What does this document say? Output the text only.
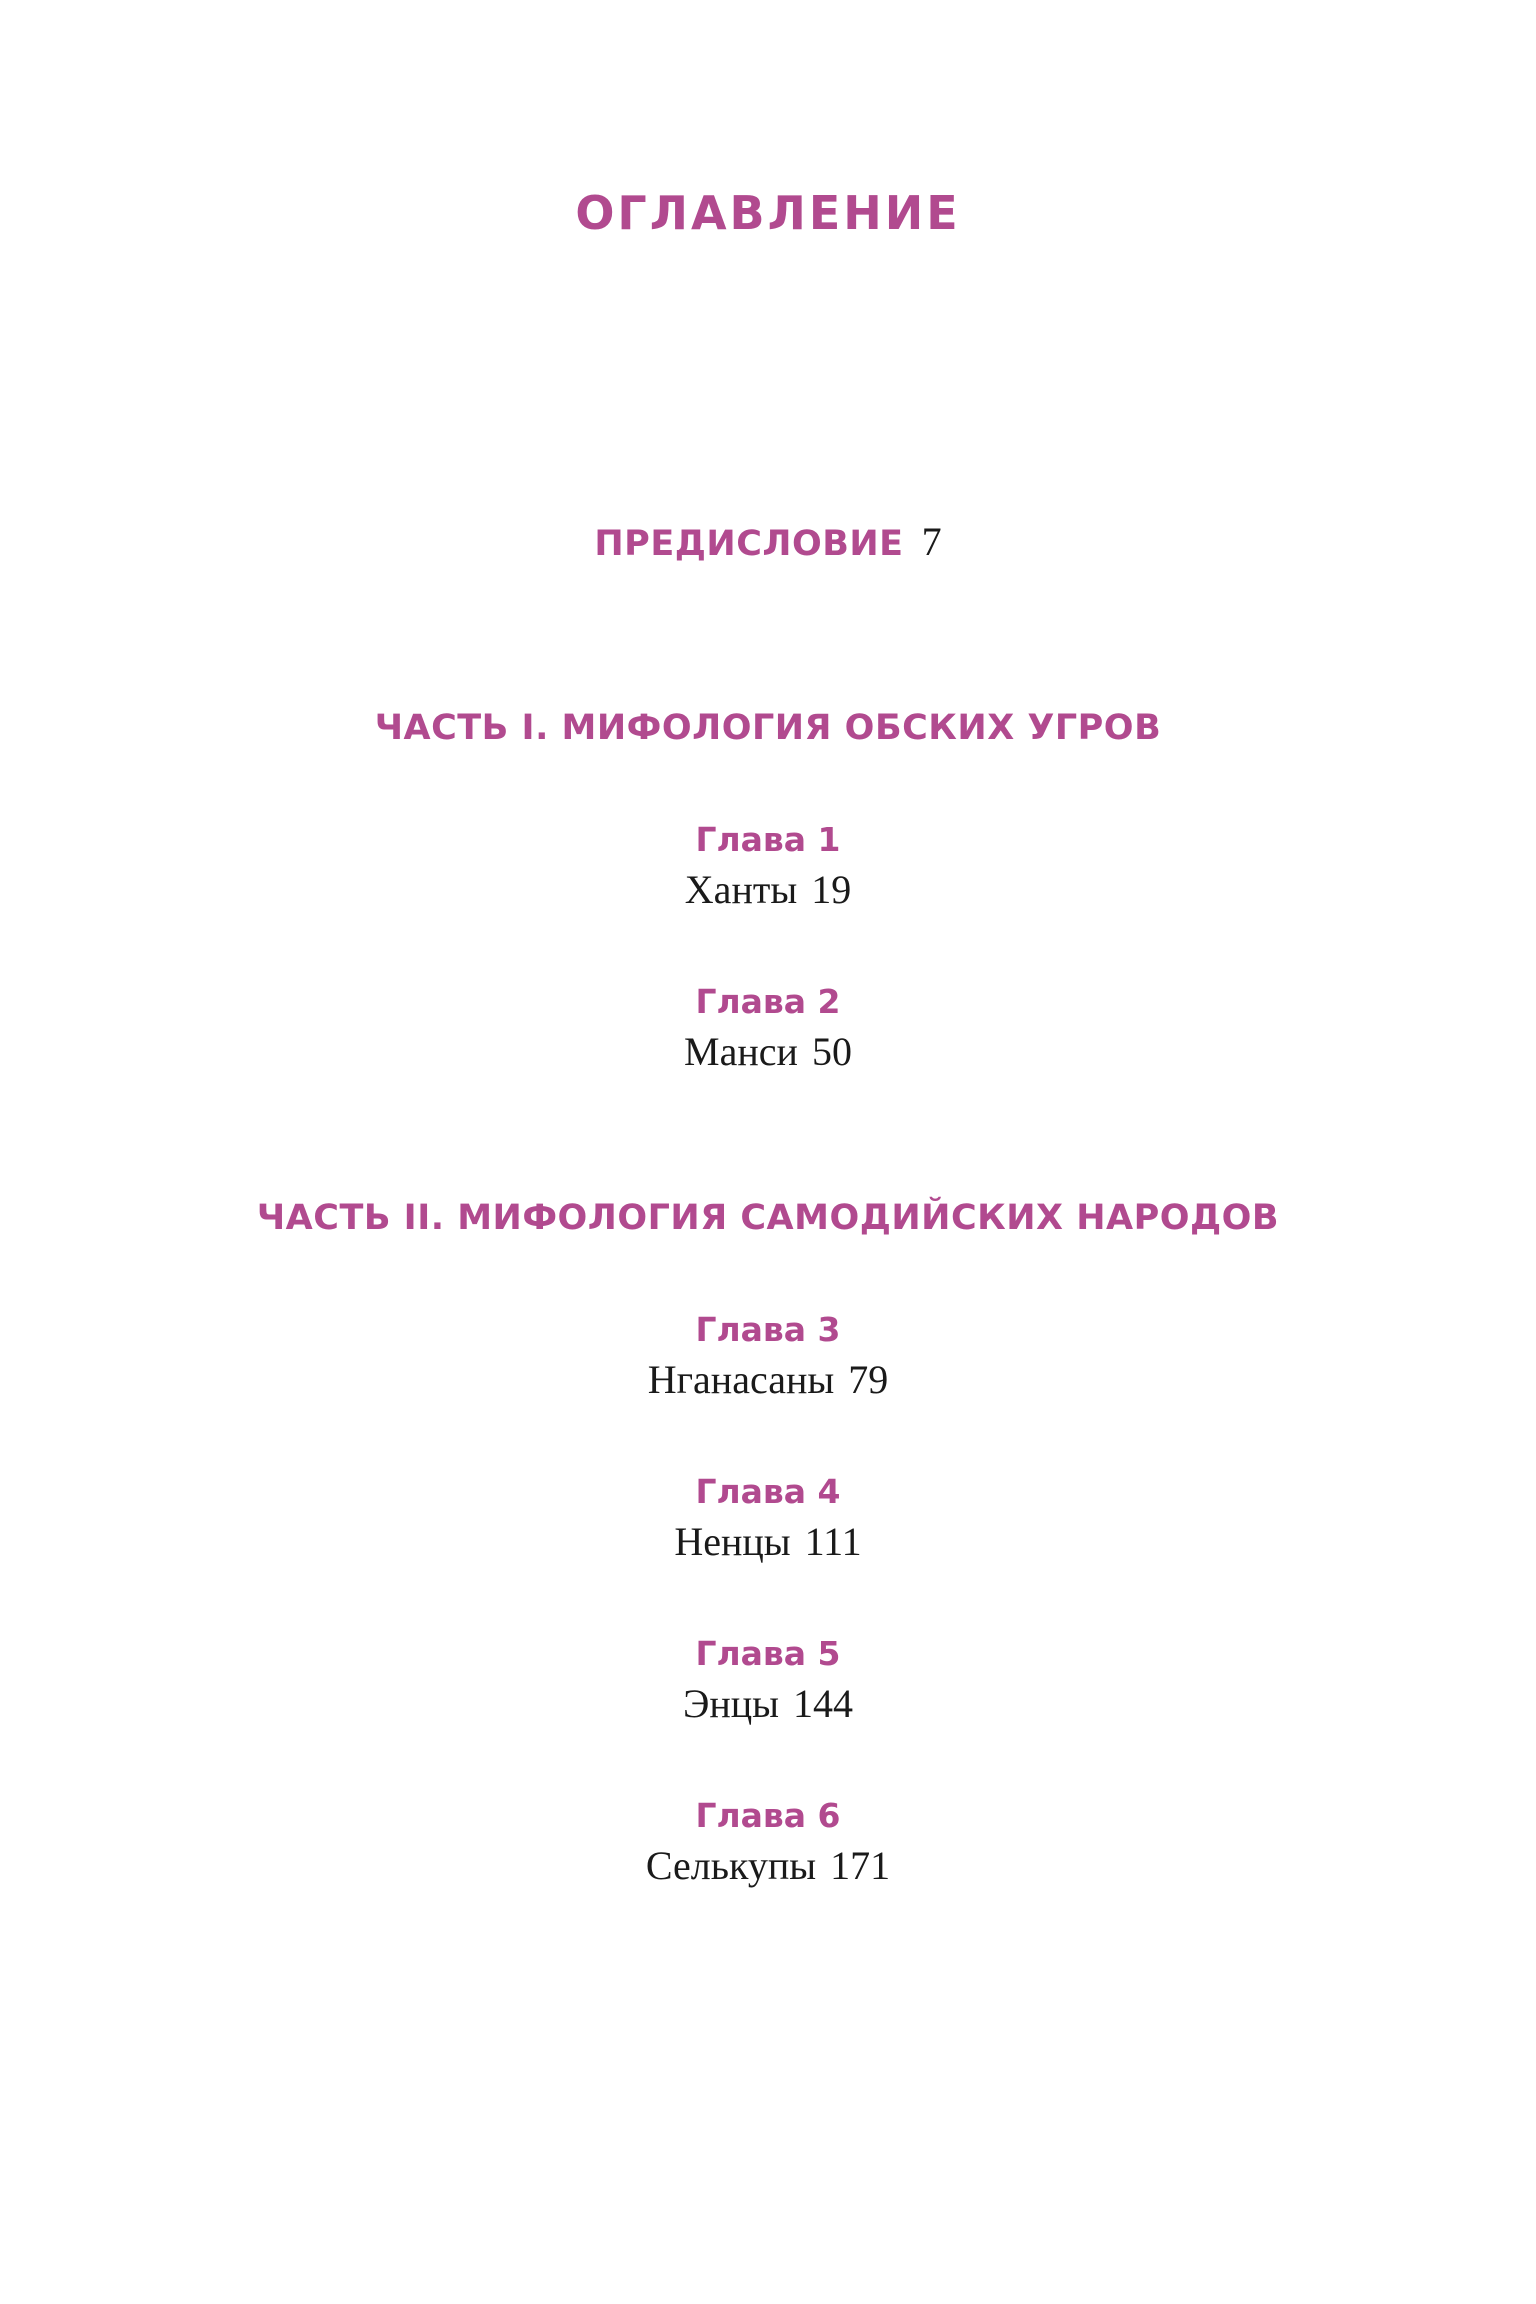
ОГЛАВЛЕНИЕ
ПРЕДИСЛОВИЕ 7
ЧАСТЬ I. МИФОЛОГИЯ ОБСКИХ УГРОВ
Глава 1
Ханты 19
Глава 2
Манси 50
ЧАСТЬ II. МИФОЛОГИЯ САМОДИЙСКИХ НАРОДОВ
Глава 3
Нганасаны 79
Глава 4
Ненцы 111
Глава 5
Энцы 144
Глава 6
Селькупы 171
